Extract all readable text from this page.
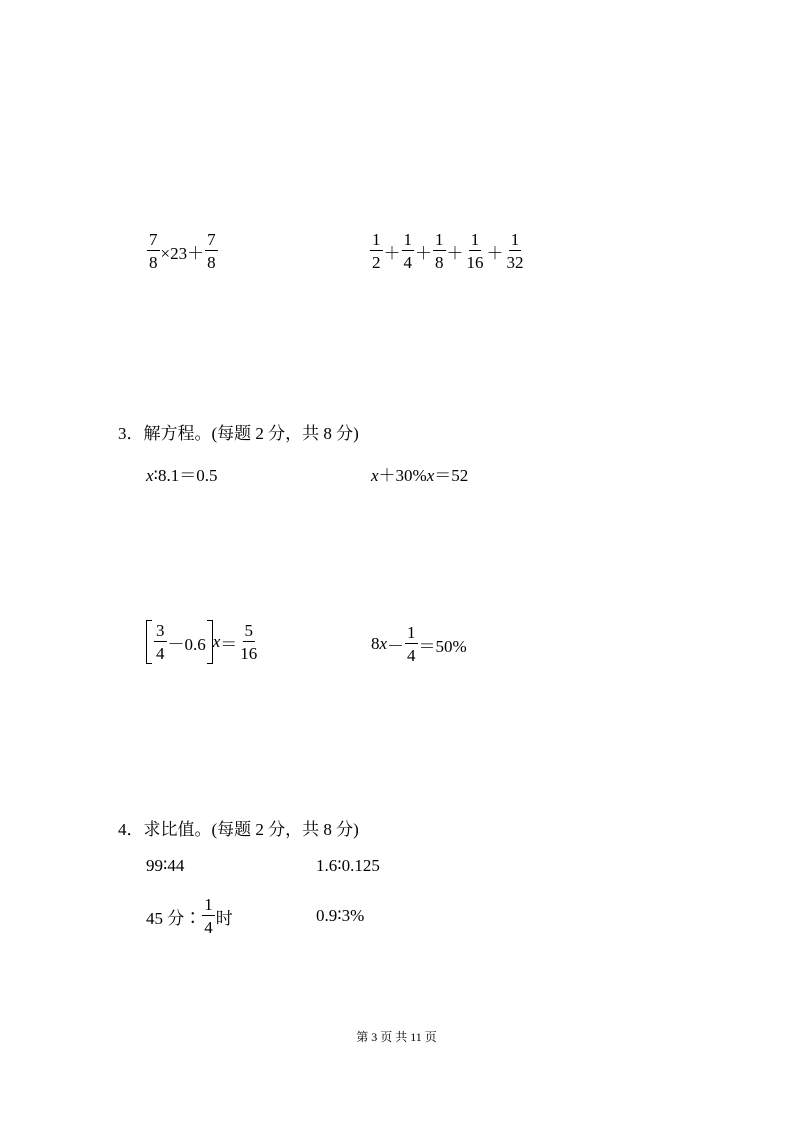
$\frac{7}{8} \times 23+ \frac{7}{8}$	$\frac{1}{2} + \frac{1}{4} + \frac{1}{8} + \frac{1}{16} + \frac{1}{32}$
3．解方程。(每题 2 分，共 8 分)
x∶8.1＝0.5	x＋30%x＝52
$\frac{3}{4} -0.6$ $x = \frac{5}{16}$	8 $x - \frac{1}{4} =50\%$
4．求比值。(每题 2 分，共 8 分)
99∶44	1.6∶0.125
45 分∶ $\frac{1}{4}$ 时	0.9∶3%
第 3 页 共 11 页
